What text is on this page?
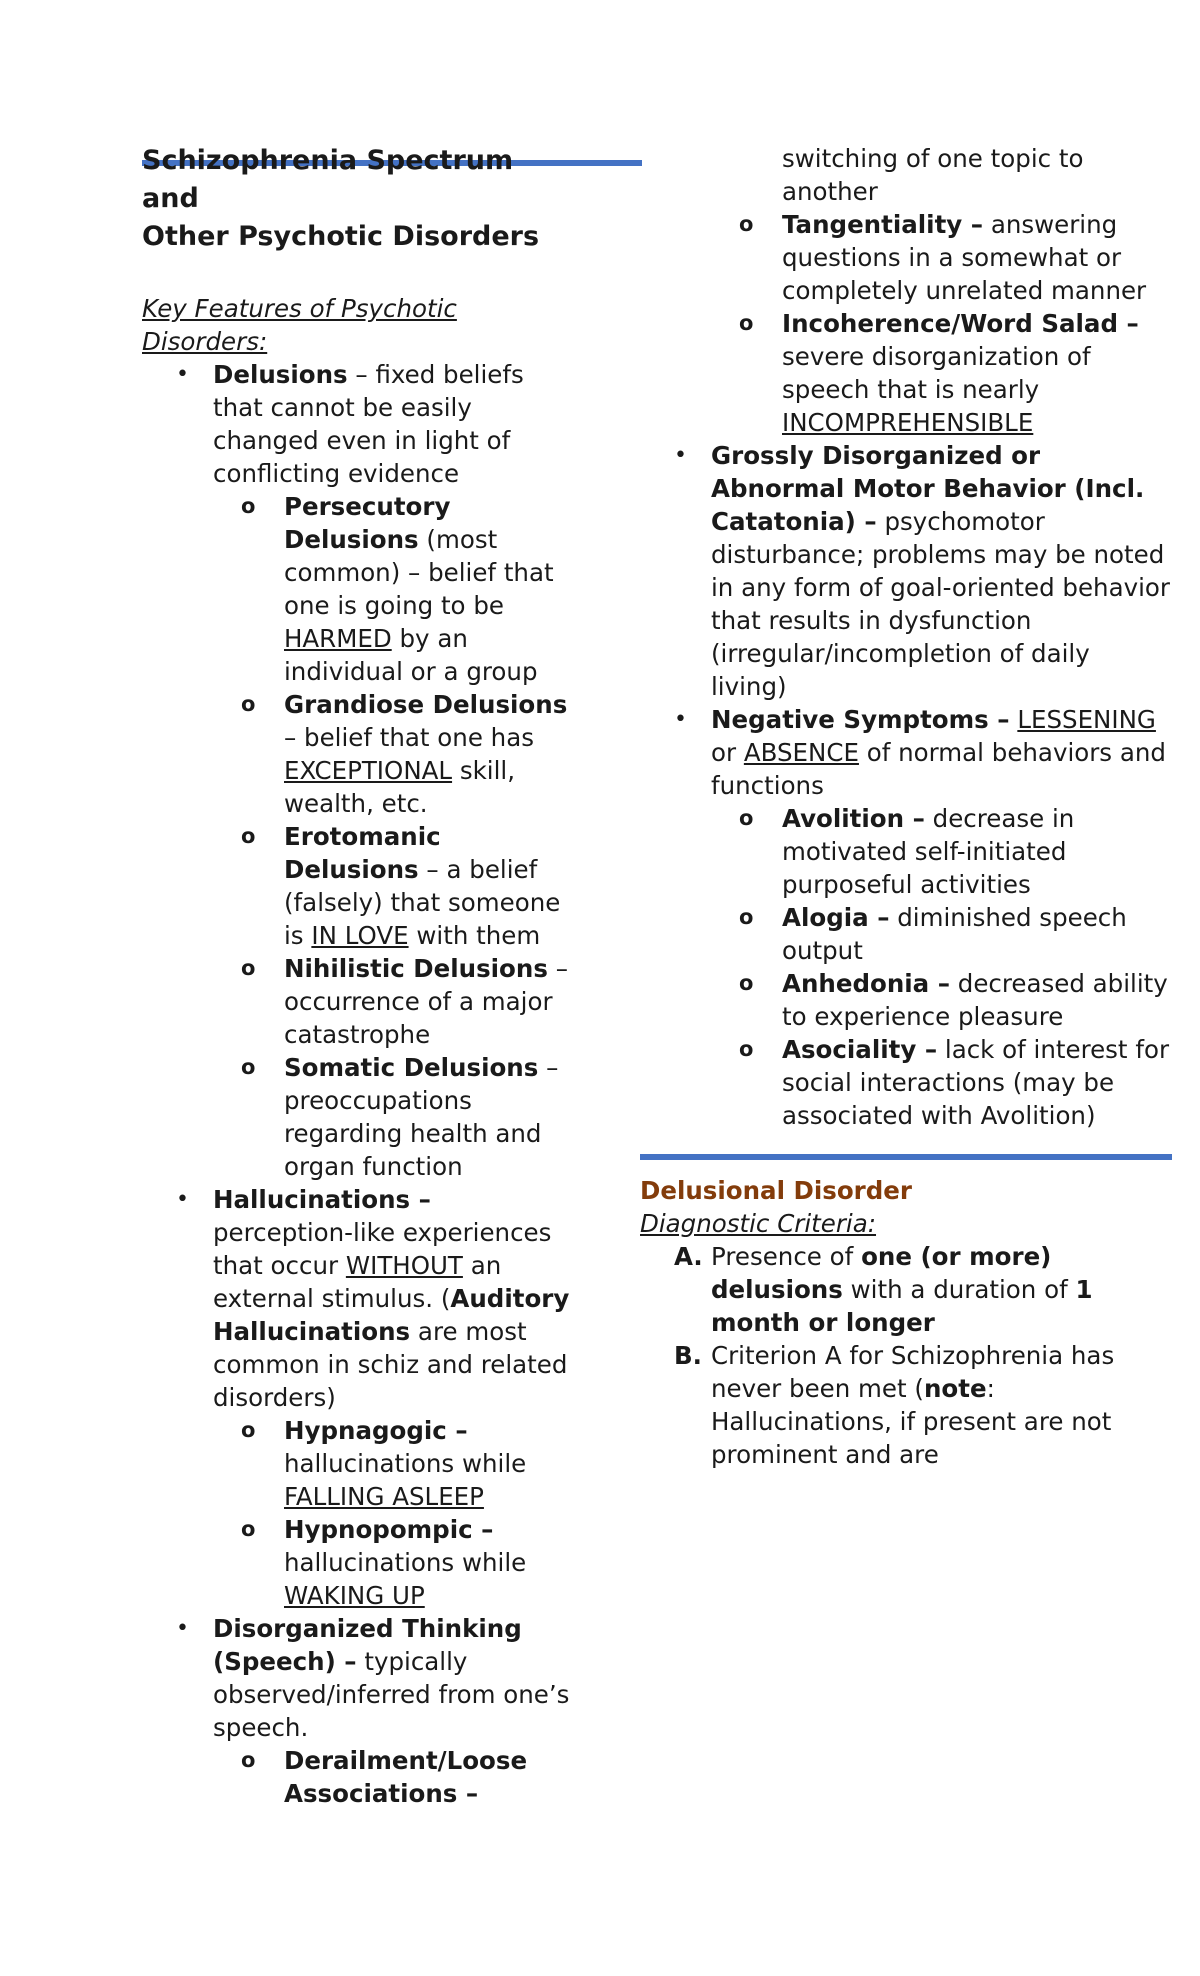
Schizophrenia Spectrum and
Other Psychotic Disorders

Key Features of Psychotic Disorders:

• Delusions – fixed beliefs that cannot be easily changed even in light of conflicting evidence
o Persecutory Delusions (most common) – belief that one is going to be HARMED by an individual or a group
o Grandiose Delusions – belief that one has EXCEPTIONAL skill, wealth, etc.
o Erotomanic Delusions – a belief (falsely) that someone is IN LOVE with them
o Nihilistic Delusions – occurrence of a major catastrophe
o Somatic Delusions – preoccupations regarding health and organ function
• Hallucinations – perception-like experiences that occur WITHOUT an external stimulus. (Auditory Hallucinations are most common in schiz and related disorders)
o Hypnagogic – hallucinations while FALLING ASLEEP
o Hypnopompic – hallucinations while WAKING UP
• Disorganized Thinking (Speech) – typically observed/inferred from one’s speech.
o Derailment/Loose Associations –
switching of one topic to another
o Tangentiality – answering questions in a somewhat or completely unrelated manner
o Incoherence/Word Salad – severe disorganization of speech that is nearly INCOMPREHENSIBLE
• Grossly Disorganized or Abnormal Motor Behavior (Incl. Catatonia) – psychomotor disturbance; problems may be noted in any form of goal-oriented behavior that results in dysfunction (irregular/incompletion of daily living)
• Negative Symptoms – LESSENING or ABSENCE of normal behaviors and functions
o Avolition – decrease in motivated self-initiated purposeful activities
o Alogia – diminished speech output
o Anhedonia – decreased ability to experience pleasure
o Asociality – lack of interest for social interactions (may be associated with Avolition)

Delusional Disorder

Diagnostic Criteria:

A. Presence of one (or more) delusions with a duration of 1 month or longer
B. Criterion A for Schizophrenia has never been met (note: Hallucinations, if present are not prominent and are
